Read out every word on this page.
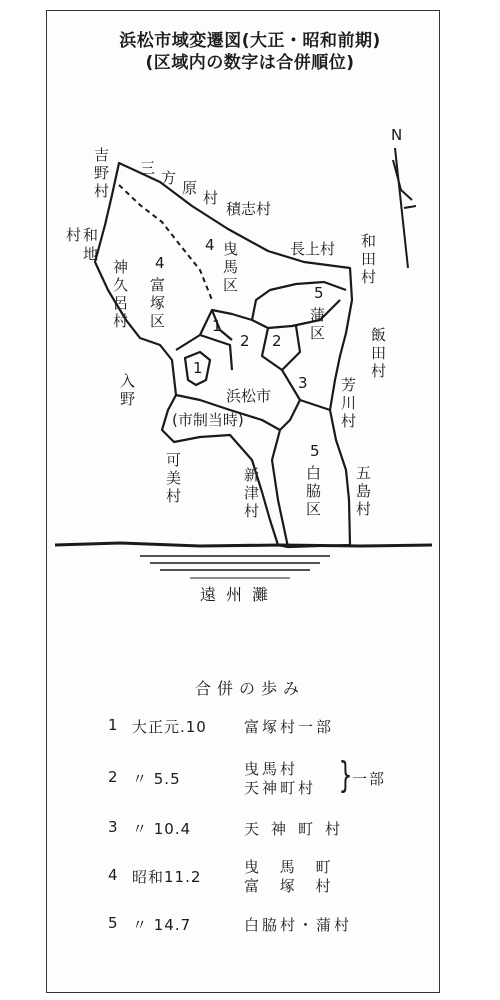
浜松市域変遷図(大正・昭和前期)
(区域内の数字は合併順位)
N
遠州灘
吉野村
三方原村
積志村
村 和地
神久呂村
4
富塚区
4 曳馬区
長上村 和田村
5
蒲区	飯田村
入野	浜松市
(市制当時)
芳川村
可美村
新津村
5
白脇区
五島村
1
1
2 2
3
合併の歩み
1 大正元.10 富塚村一部
2 〃 5.5
曳馬村
天神町村 } 一部
3 〃 10.4	天神町村
4 昭和11.2
曳 馬 町
富 塚 村
5 〃 14.7	白脇村・蒲村
